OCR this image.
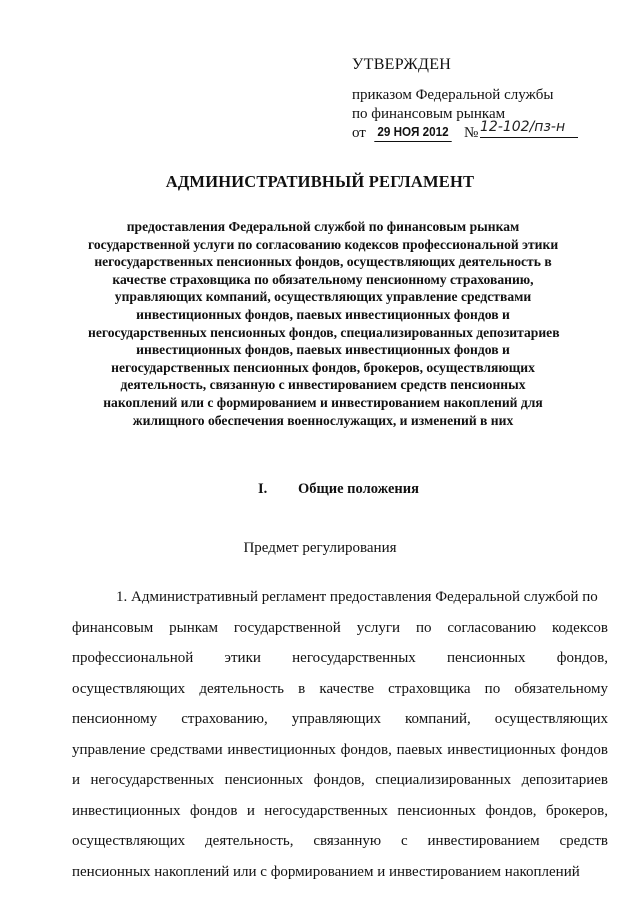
УТВЕРЖДЕН
приказом Федеральной службы
по финансовым рынкам
от 29 НОЯ 2012 № 12-102/пз-н
АДМИНИСТРАТИВНЫЙ РЕГЛАМЕНТ
предоставления Федеральной службой по финансовым рынкам
государственной услуги по согласованию кодексов профессиональной этики
негосударственных пенсионных фондов, осуществляющих деятельность в
качестве страховщика по обязательному пенсионному страхованию,
управляющих компаний, осуществляющих управление средствами
инвестиционных фондов, паевых инвестиционных фондов и
негосударственных пенсионных фондов, специализированных депозитариев
инвестиционных фондов, паевых инвестиционных фондов и
негосударственных пенсионных фондов, брокеров, осуществляющих
деятельность, связанную с инвестированием средств пенсионных
накоплений или с формированием и инвестированием накоплений для
жилищного обеспечения военнослужащих, и изменений в них
I. Общие положения
Предмет регулирования
1. Административный регламент предоставления Федеральной службой по
финансовым рынкам государственной услуги по согласованию кодексов
профессиональной этики негосударственных пенсионных фондов,
осуществляющих деятельность в качестве страховщика по обязательному
пенсионному страхованию, управляющих компаний, осуществляющих
управление средствами инвестиционных фондов, паевых инвестиционных фондов
и негосударственных пенсионных фондов, специализированных депозитариев
инвестиционных фондов и негосударственных пенсионных фондов, брокеров,
осуществляющих деятельность, связанную с инвестированием средств
пенсионных накоплений или с формированием и инвестированием накоплений
